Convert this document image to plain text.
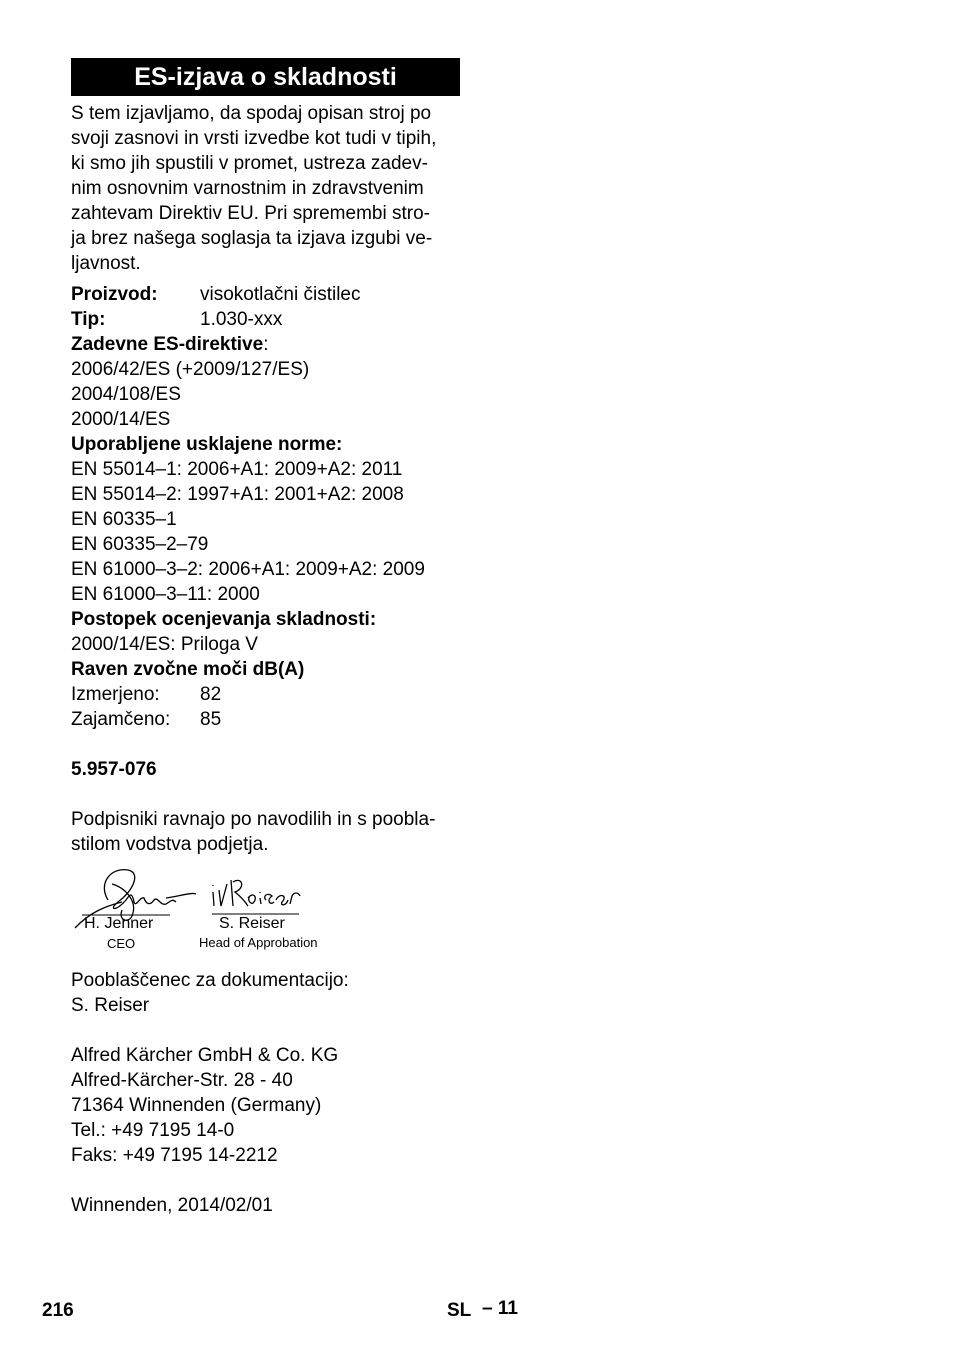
ES-izjava o skladnosti
S tem izjavljamo, da spodaj opisan stroj po
svoji zasnovi in vrsti izvedbe kot tudi v tipih,
ki smo jih spustili v promet, ustreza zadev-
nim osnovnim varnostnim in zdravstvenim
zahtevam Direktiv EU. Pri spremembi stro-
ja brez našega soglasja ta izjava izgubi ve-
ljavnost.
Proizvod:	visokotlačni čistilec
Tip:	1.030-xxx
Zadevne ES-direktive:
2006/42/ES (+2009/127/ES)
2004/108/ES
2000/14/ES
Uporabljene usklajene norme:
EN 55014–1: 2006+A1: 2009+A2: 2011
EN 55014–2: 1997+A1: 2001+A2: 2008
EN 60335–1
EN 60335–2–79
EN 61000–3–2: 2006+A1: 2009+A2: 2009
EN 61000–3–11: 2000
Postopek ocenjevanja skladnosti:
2000/14/ES: Priloga V
Raven zvočne moči dB(A)
Izmerjeno:	82
Zajamčeno:	85
5.957-076
Podpisniki ravnajo po navodilih in s poobla-
stilom vodstva podjetja.
H. Jenner
CEO
S. Reiser
Head of Approbation
Pooblaščenec za dokumentacijo:
S. Reiser
Alfred Kärcher GmbH & Co. KG
Alfred-Kärcher-Str. 28 - 40
71364 Winnenden (Germany)
Tel.: +49 7195 14-0
Faks: +49 7195 14-2212
Winnenden, 2014/02/01
216	SL – 11
